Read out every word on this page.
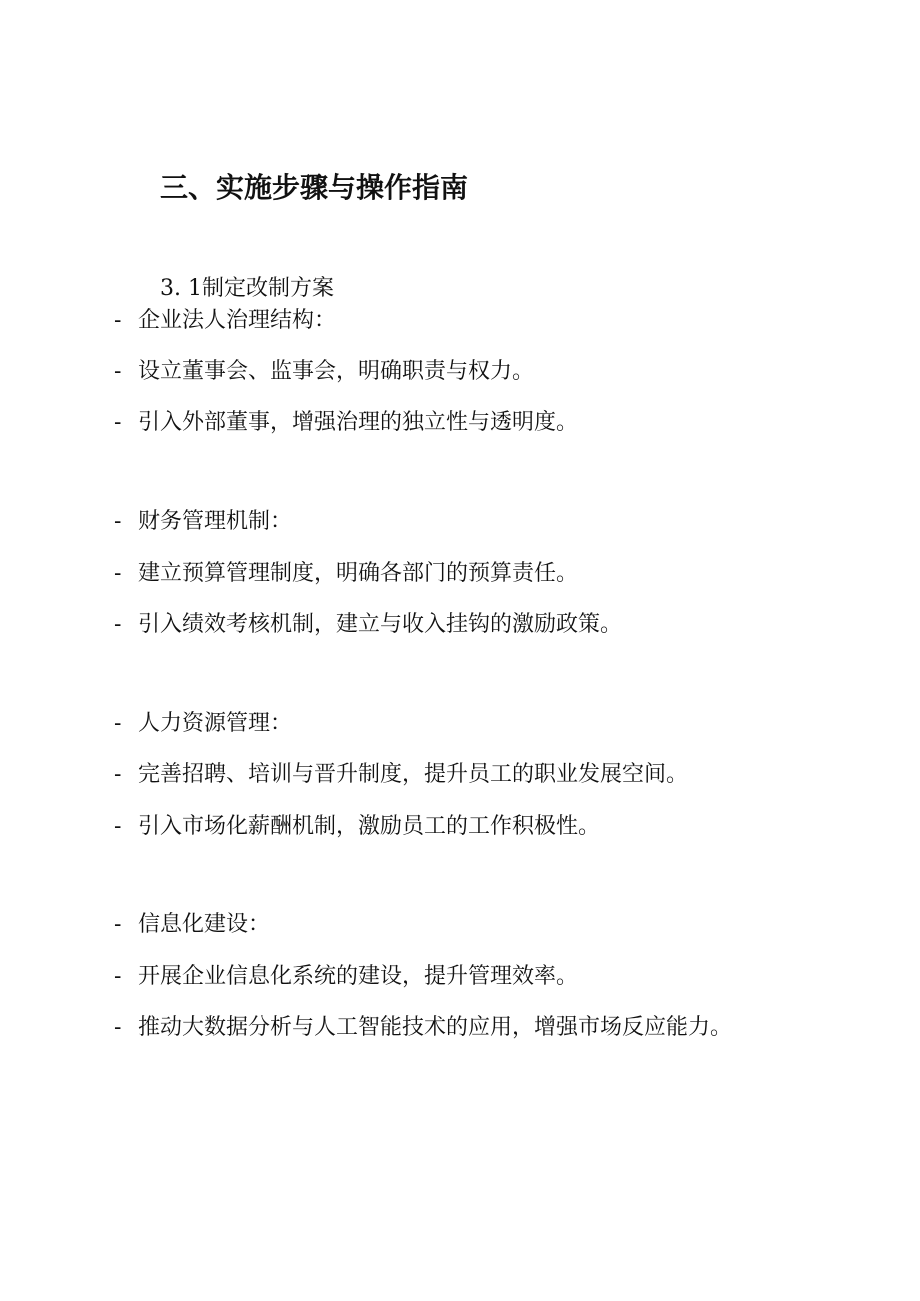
三、实施步骤与操作指南
3. 1制定改制方案
- 企业法人治理结构：
- 设立董事会、监事会，明确职责与权力。
- 引入外部董事，增强治理的独立性与透明度。
- 财务管理机制：
- 建立预算管理制度，明确各部门的预算责任。
- 引入绩效考核机制，建立与收入挂钩的激励政策。
- 人力资源管理：
- 完善招聘、培训与晋升制度，提升员工的职业发展空间。
- 引入市场化薪酬机制，激励员工的工作积极性。
- 信息化建设：
- 开展企业信息化系统的建设，提升管理效率。
- 推动大数据分析与人工智能技术的应用，增强市场反应能力。
